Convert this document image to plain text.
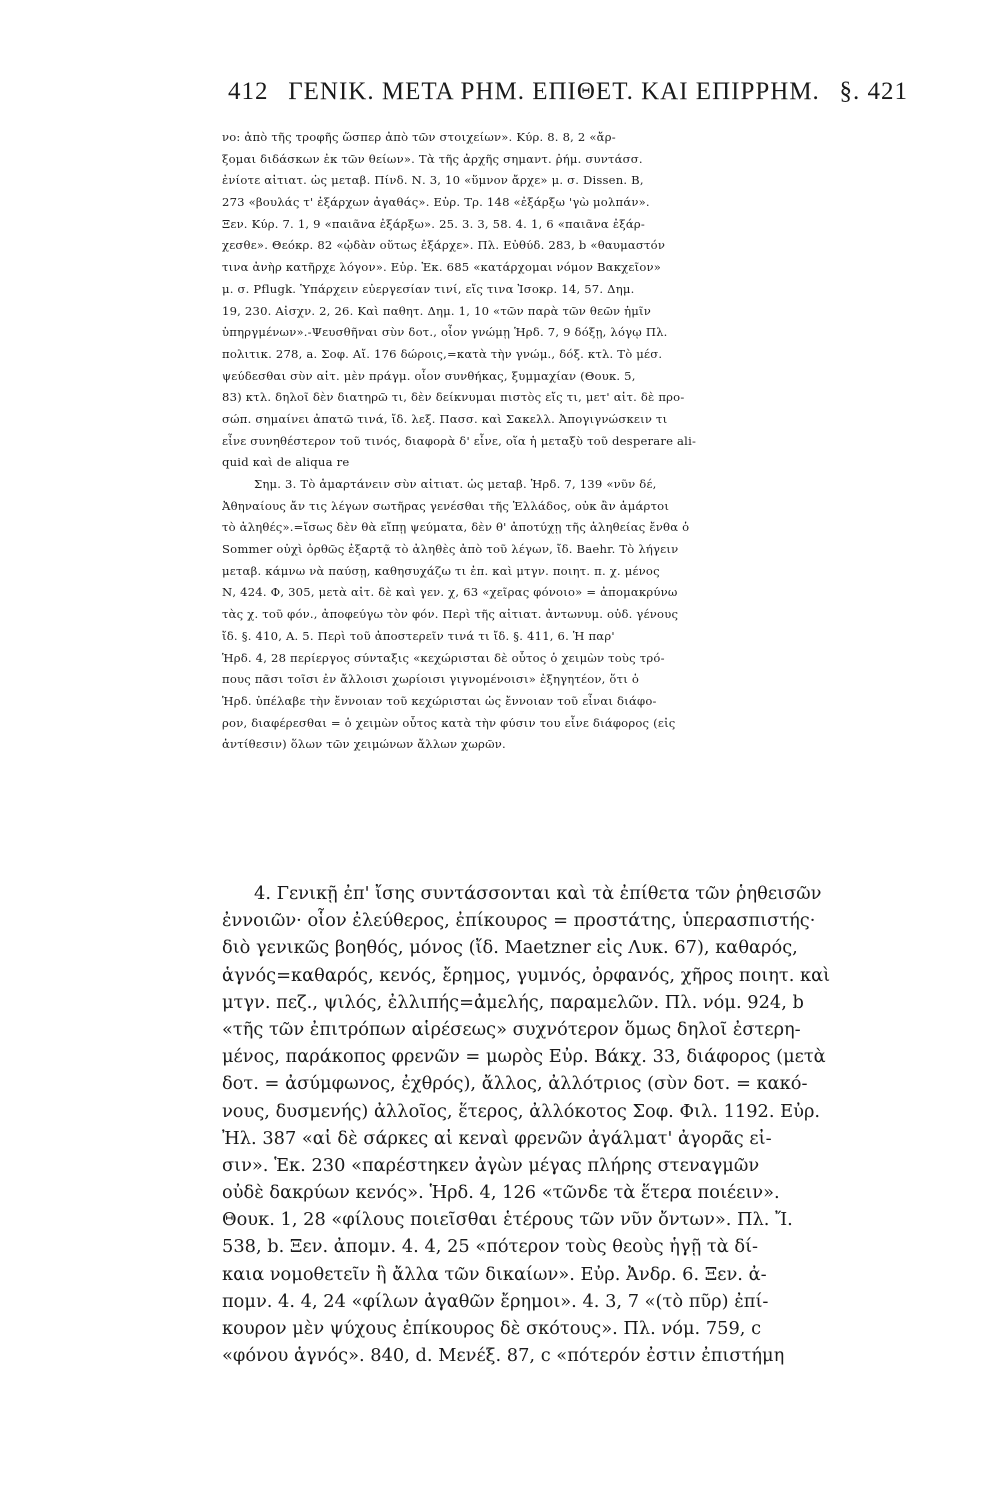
412 ΓΕΝΙΚ. ΜΕΤΑ ΡΗΜ. ΕΠΙΘΕΤ. ΚΑΙ ΕΠΙΡΡΗΜ. §. 421
νο: ἀπὸ τῆς τροφῆς ὥσπερ ἀπὸ τῶν στοιχείων». Κύρ. 8. 8, 2 «ἄρ-
ξομαι διδάσκων ἐκ τῶν θείων». Τὰ τῆς ἀρχῆς σημαντ. ῥήμ. συντάσσ.
ἐνίοτε αἰτιατ. ὡς μεταβ. Πίνδ. Ν. 3, 10 «ὕμνον ἄρχε» μ. σ. Dissen. Β,
273 «βουλάς τ' ἐξάρχων ἀγαθάς». Εὐρ. Τρ. 148 «ἐξάρξω 'γὼ μολπάν».
Ξεν. Κύρ. 7. 1, 9 «παιᾶνα ἐξάρξω». 25. 3. 3, 58. 4. 1, 6 «παιᾶνα ἐξάρ-
χεσθε». Θεόκρ. 82 «ᾠδὰν οὕτως ἐξάρχε». Πλ. Εὐθύδ. 283, b «θαυμαστόν
τινα ἀνὴρ κατῆρχε λόγον». Εὐρ. Ἑκ. 685 «κατάρχομαι νόμον Βακχεῖον»
μ. σ. Pflugk. Ὑπάρχειν εὐεργεσίαν τινί, εἴς τινα Ἰσοκρ. 14, 57. Δημ.
19, 230. Αἰσχν. 2, 26. Καὶ παθητ. Δημ. 1, 10 «τῶν παρὰ τῶν θεῶν ἡμῖν
ὑπηργμένων».-Ψευσθῆναι σὺν δοτ., οἷον γνώμῃ Ἡρδ. 7, 9 δόξῃ, λόγῳ Πλ.
πολιτικ. 278, a. Σοφ. Αἴ. 176 δώροις,=κατὰ τὴν γνώμ., δόξ. κτλ. Τὸ μέσ.
ψεύδεσθαι σὺν αἰτ. μὲν πράγμ. οἷον συνθήκας, ξυμμαχίαν (Θουκ. 5,
83) κτλ. δηλοῖ δὲν διατηρῶ τι, δὲν δείκνυμαι πιστὸς εἴς τι, μετ' αἰτ. δὲ προ-
σώπ. σημαίνει ἀπατῶ τινά, ἴδ. λεξ. Πασσ. καὶ Σακελλ. Ἀπογιγνώσκειν τι
εἶνε συνηθέστερον τοῦ τινός, διαφορὰ δ' εἶνε, οἵα ἡ μεταξὺ τοῦ desperare ali-
quid καὶ de aliqua re
Σημ. 3. Τὸ ἁμαρτάνειν σὺν αἰτιατ. ὡς μεταβ. Ἡρδ. 7, 139 «νῦν δέ,
Ἀθηναίους ἄν τις λέγων σωτῆρας γενέσθαι τῆς Ἑλλάδος, οὐκ ἂν ἁμάρτοι
τὸ ἀληθές».=ἴσως δὲν θὰ εἴπῃ ψεύματα, δὲν θ' ἀποτύχῃ τῆς ἀληθείας ἔνθα ὁ
Sommer οὐχὶ ὀρθῶς ἐξαρτᾷ τὸ ἀληθὲς ἀπὸ τοῦ λέγων, ἴδ. Baehr. Τὸ λήγειν
μεταβ. κάμνω νὰ παύσῃ, καθησυχάζω τι ἐπ. καὶ μτγν. ποιητ. π. χ. μένος
Ν, 424. Φ, 305, μετὰ αἰτ. δὲ καὶ γεν. χ, 63 «χεῖρας φόνοιο» = ἀπομακρύνω
τὰς χ. τοῦ φόν., ἀποφεύγω τὸν φόν. Περὶ τῆς αἰτιατ. ἀντωνυμ. οὐδ. γένους
ἴδ. §. 410, Α. 5. Περὶ τοῦ ἀποστερεῖν τινά τι ἴδ. §. 411, 6. Ἡ παρ'
Ἡρδ. 4, 28 περίεργος σύνταξις «κεχώρισται δὲ οὗτος ὁ χειμὼν τοὺς τρό-
πους πᾶσι τοῖσι ἐν ἄλλοισι χωρίοισι γιγνομένοισι» ἐξηγητέον, ὅτι ὁ
Ἡρδ. ὑπέλαβε τὴν ἔννοιαν τοῦ κεχώρισται ὡς ἔννοιαν τοῦ εἶναι διάφο-
ρον, διαφέρεσθαι = ὁ χειμὼν οὗτος κατὰ τὴν φύσιν του εἶνε διάφορος (εἰς
ἀντίθεσιν) ὅλων τῶν χειμώνων ἄλλων χωρῶν.
4. Γενικῇ ἐπ' ἴσης συντάσσονται καὶ τὰ ἐπίθετα τῶν ῥηθεισῶν
ἐννοιῶν· οἷον ἐλεύθερος, ἐπίκουρος = προστάτης, ὑπερασπιστής·
διὸ γενικῶς βοηθός, μόνος (ἴδ. Maetzner εἰς Λυκ. 67), καθαρός,
ἁγνός=καθαρός, κενός, ἔρημος, γυμνός, ὀρφανός, χῆρος ποιητ. καὶ
μτγν. πεζ., ψιλός, ἐλλιπής=ἀμελής, παραμελῶν. Πλ. νόμ. 924, b
«τῆς τῶν ἐπιτρόπων αἱρέσεως» συχνότερον ὅμως δηλοῖ ἐστερη-
μένος, παράκοπος φρενῶν = μωρὸς Εὐρ. Βάκχ. 33, διάφορος (μετὰ
δοτ. = ἀσύμφωνος, ἐχθρός), ἄλλος, ἀλλότριος (σὺν δοτ. = κακό-
νους, δυσμενής) ἀλλοῖος, ἕτερος, ἀλλόκοτος Σοφ. Φιλ. 1192. Εὐρ.
Ἠλ. 387 «αἱ δὲ σάρκες αἱ κεναὶ φρενῶν ἀγάλματ' ἀγορᾶς εἰ-
σιν». Ἑκ. 230 «παρέστηκεν ἀγὼν μέγας πλήρης στεναγμῶν
οὐδὲ δακρύων κενός». Ἡρδ. 4, 126 «τῶνδε τὰ ἕτερα ποιέειν».
Θουκ. 1, 28 «φίλους ποιεῖσθαι ἑτέρους τῶν νῦν ὄντων». Πλ. Ἴ.
538, b. Ξεν. ἀπομν. 4. 4, 25 «πότερον τοὺς θεοὺς ἡγῇ τὰ δί-
καια νομοθετεῖν ἢ ἄλλα τῶν δικαίων». Εὐρ. Ἀνδρ. 6. Ξεν. ἀ-
πομν. 4. 4, 24 «φίλων ἀγαθῶν ἔρημοι». 4. 3, 7 «(τὸ πῦρ) ἐπί-
κουρον μὲν ψύχους ἐπίκουρος δὲ σκότους». Πλ. νόμ. 759, c
«φόνου ἁγνός». 840, d. Μενέξ. 87, c «πότερόν ἐστιν ἐπιστήμη
